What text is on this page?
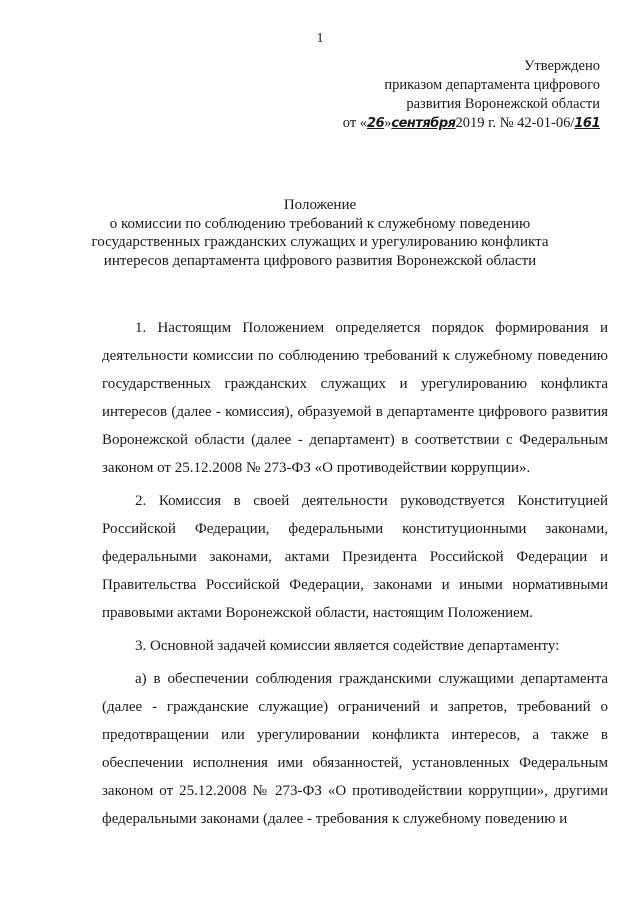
1
Утверждено
приказом департамента цифрового
развития Воронежской области
от «26»сентября2019 г. № 42-01-06/161
Положение
о комиссии по соблюдению требований к служебному поведению
государственных гражданских служащих и урегулированию конфликта
интересов департамента цифрового развития Воронежской области

1. Настоящим Положением определяется порядок формирования и деятельности комиссии по соблюдению требований к служебному поведению государственных гражданских служащих и урегулированию конфликта интересов (далее - комиссия), образуемой в департаменте цифрового развития Воронежской области (далее - департамент) в соответствии с Федеральным законом от 25.12.2008 № 273-ФЗ «О противодействии коррупции».

2. Комиссия в своей деятельности руководствуется Конституцией Российской Федерации, федеральными конституционными законами, федеральными законами, актами Президента Российской Федерации и Правительства Российской Федерации, законами и иными нормативными правовыми актами Воронежской области, настоящим Положением.

3. Основной задачей комиссии является содействие департаменту:

а) в обеспечении соблюдения гражданскими служащими департамента (далее - гражданские служащие) ограничений и запретов, требований о предотвращении или урегулировании конфликта интересов, а также в обеспечении исполнения ими обязанностей, установленных Федеральным законом от 25.12.2008 № 273-ФЗ «О противодействии коррупции», другими федеральными законами (далее - требования к служебному поведению и
